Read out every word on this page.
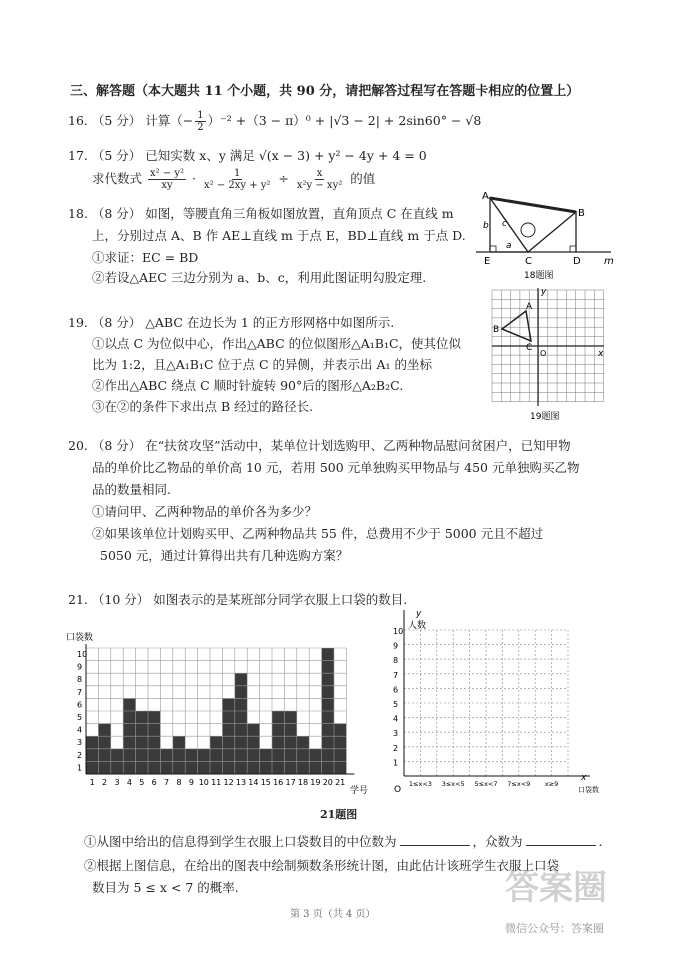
三、解答题（本大题共 11 个小题，共 90 分，请把解答过程写在答题卡相应的位置上）
16. （5 分） 计算（− $\frac{1}{2} )^{-2} +(3 - \pi)^0 + |√3 - 2| + 2\sin 60^\circ - √8$
17. （5 分） 已知实数 x、y 满足 √(x − 3) + y² − 4y + 4 = 0
求代数式 $\frac{\text{x² − y²}}{xy} \cdot \frac{1}{\text{x² − 2xy + y²}} \div \frac{x}{\text{x²y − xy²}}$ 的值
18. （8 分） 如图，等腰直角三角板如图放置，直角顶点 C 在直线 m
上，分别过点 A、B 作 AE⊥直线 m 于点 E，BD⊥直线 m 于点 D.
①求证：EC = BD
②若设△AEC 三边分别为 a、b、c，利用此图证明勾股定理.
A
B
C	D
E	m
a
b c
18题图
19. （8 分） △ABC 在边长为 1 的正方形网格中如图所示.
①以点 C 为位似中心，作出△ABC 的位似图形△A₁B₁C，使其位似
比为 1:2，且△A₁B₁C 位于点 C 的异侧，并表示出 A₁ 的坐标
②作出△ABC 绕点 C 顺时针旋转 90°后的图形△A₂B₂C.
③在②的条件下求出点 B 经过的路径长.
y
x
B
A
C
O
19题图
20. （8 分） 在“扶贫攻坚”活动中，某单位计划选购甲、乙两种物品慰问贫困户，已知甲物
品的单价比乙物品的单价高 10 元，若用 500 元单独购买甲物品与 450 元单独购买乙物
品的数量相同.
①请问甲、乙两种物品的单价各为多少？
②如果该单位计划购买甲、乙两种物品共 55 件，总费用不少于 5000 元且不超过
5050 元，通过计算得出共有几种选购方案？
21. （10 分） 如图表示的是某班部分同学衣服上口袋的数目.
口袋数
学号
1
2
3
4
5
6
7
8
9
10
1 2 3 4 5 6 7 8 9 10 11 12 13 14 15 16 17 18 19 20 21
y
人数
O
x
口袋数
1
2
3
4
5
6
7
8
9
10
1≤x<3 3≤x<5 5≤x<7 7≤x<9 x≥9
21题图
①从图中给出的信息得到学生衣服上口袋数目的中位数为	，众数为	.
②根据上图信息，在给出的图表中绘制频数条形统计图，由此估计该班学生衣服上口袋
数目为 5 ≤ x < 7 的概率.
第 3 页（共 4 页）
答案圈
微信公众号：答案圈
